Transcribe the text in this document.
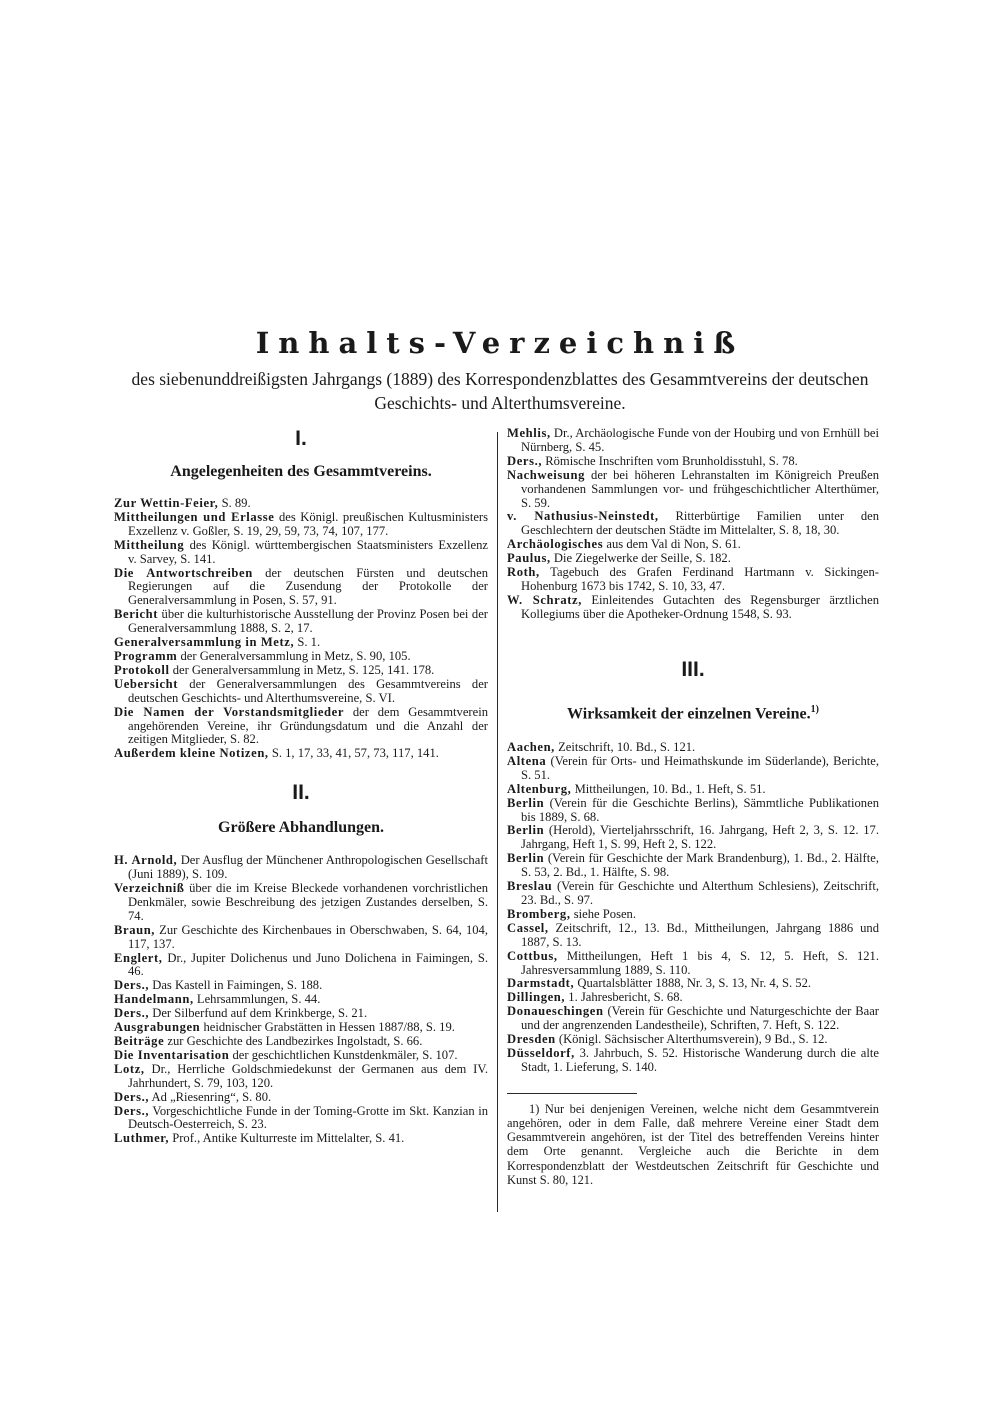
Inhalts-Verzeichniß

des siebenunddreißigsten Jahrgangs (1889) des Korrespondenzblattes des Gesammtvereins der deutschen Geschichts- und Alterthumsvereine.

I.

Angelegenheiten des Gesammtvereins.

Zur Wettin-Feier, S. 89.
Mittheilungen und Erlasse des Königl. preußischen Kultusministers Exzellenz v. Goßler, S. 19, 29, 59, 73, 74, 107, 177.
Mittheilung des Königl. württembergischen Staatsministers Exzellenz v. Sarvey, S. 141.
Die Antwortschreiben der deutschen Fürsten und deutschen Regierungen auf die Zusendung der Protokolle der Generalversammlung in Posen, S. 57, 91.
Bericht über die kulturhistorische Ausstellung der Provinz Posen bei der Generalversammlung 1888, S. 2, 17.
Generalversammlung in Metz, S. 1.
Programm der Generalversammlung in Metz, S. 90, 105.
Protokoll der Generalversammlung in Metz, S. 125, 141. 178.
Uebersicht der Generalversammlungen des Gesammtvereins der deutschen Geschichts- und Alterthumsvereine, S. VI.
Die Namen der Vorstandsmitglieder der dem Gesammtverein angehörenden Vereine, ihr Gründungsdatum und die Anzahl der zeitigen Mitglieder, S. 82.
Außerdem kleine Notizen, S. 1, 17, 33, 41, 57, 73, 117, 141.

II.

Größere Abhandlungen.

H. Arnold, Der Ausflug der Münchener Anthropologischen Gesellschaft (Juni 1889), S. 109.
Verzeichniß über die im Kreise Bleckede vorhandenen vorchristlichen Denkmäler, sowie Beschreibung des jetzigen Zustandes derselben, S. 74.
Braun, Zur Geschichte des Kirchenbaues in Oberschwaben, S. 64, 104, 117, 137.
Englert, Dr., Jupiter Dolichenus und Juno Dolichena in Faimingen, S. 46.
Ders., Das Kastell in Faimingen, S. 188.
Handelmann, Lehrsammlungen, S. 44.
Ders., Der Silberfund auf dem Krinkberge, S. 21.
Ausgrabungen heidnischer Grabstätten in Hessen 1887/88, S. 19.
Beiträge zur Geschichte des Landbezirkes Ingolstadt, S. 66.
Die Inventarisation der geschichtlichen Kunstdenkmäler, S. 107.
Lotz, Dr., Herrliche Goldschmiedekunst der Germanen aus dem IV. Jahrhundert, S. 79, 103, 120.
Ders., Ad „Riesenring“, S. 80.
Ders., Vorgeschichtliche Funde in der Toming-Grotte im Skt. Kanzian in Deutsch-Oesterreich, S. 23.
Luthmer, Prof., Antike Kulturreste im Mittelalter, S. 41.
Mehlis, Dr., Archäologische Funde von der Houbirg und von Ernhüll bei Nürnberg, S. 45.
Ders., Römische Inschriften vom Brunholdisstuhl, S. 78.
Nachweisung der bei höheren Lehranstalten im Königreich Preußen vorhandenen Sammlungen vor- und frühgeschichtlicher Alterthümer, S. 59.
v. Nathusius-Neinstedt, Ritterbürtige Familien unter den Geschlechtern der deutschen Städte im Mittelalter, S. 8, 18, 30.
Archäologisches aus dem Val di Non, S. 61.
Paulus, Die Ziegelwerke der Seille, S. 182.
Roth, Tagebuch des Grafen Ferdinand Hartmann v. Sickingen-Hohenburg 1673 bis 1742, S. 10, 33, 47.
W. Schratz, Einleitendes Gutachten des Regensburger ärztlichen Kollegiums über die Apotheker-Ordnung 1548, S. 93.

III.

Wirksamkeit der einzelnen Vereine.$^{1)}$

Aachen, Zeitschrift, 10. Bd., S. 121.
Altena (Verein für Orts- und Heimathskunde im Süderlande), Berichte, S. 51.
Altenburg, Mittheilungen, 10. Bd., 1. Heft, S. 51.
Berlin (Verein für die Geschichte Berlins), Sämmtliche Publikationen bis 1889, S. 68.
Berlin (Herold), Vierteljahrsschrift, 16. Jahrgang, Heft 2, 3, S. 12. 17. Jahrgang, Heft 1, S. 99, Heft 2, S. 122.
Berlin (Verein für Geschichte der Mark Brandenburg), 1. Bd., 2. Hälfte, S. 53, 2. Bd., 1. Hälfte, S. 98.
Breslau (Verein für Geschichte und Alterthum Schlesiens), Zeitschrift, 23. Bd., S. 97.
Bromberg, siehe Posen.
Cassel, Zeitschrift, 12., 13. Bd., Mittheilungen, Jahrgang 1886 und 1887, S. 13.
Cottbus, Mittheilungen, Heft 1 bis 4, S. 12, 5. Heft, S. 121. Jahresversammlung 1889, S. 110.
Darmstadt, Quartalsblätter 1888, Nr. 3, S. 13, Nr. 4, S. 52.
Dillingen, 1. Jahresbericht, S. 68.
Donaueschingen (Verein für Geschichte und Naturgeschichte der Baar und der angrenzenden Landestheile), Schriften, 7. Heft, S. 122.
Dresden (Königl. Sächsischer Alterthumsverein), 9 Bd., S. 12.
Düsseldorf, 3. Jahrbuch, S. 52. Historische Wanderung durch die alte Stadt, 1. Lieferung, S. 140.

1) Nur bei denjenigen Vereinen, welche nicht dem Gesammtverein angehören, oder in dem Falle, daß mehrere Vereine einer Stadt dem Gesammtverein angehören, ist der Titel des betreffenden Vereins hinter dem Orte genannt. Vergleiche auch die Berichte in dem Korrespondenzblatt der Westdeutschen Zeitschrift für Geschichte und Kunst S. 80, 121.
